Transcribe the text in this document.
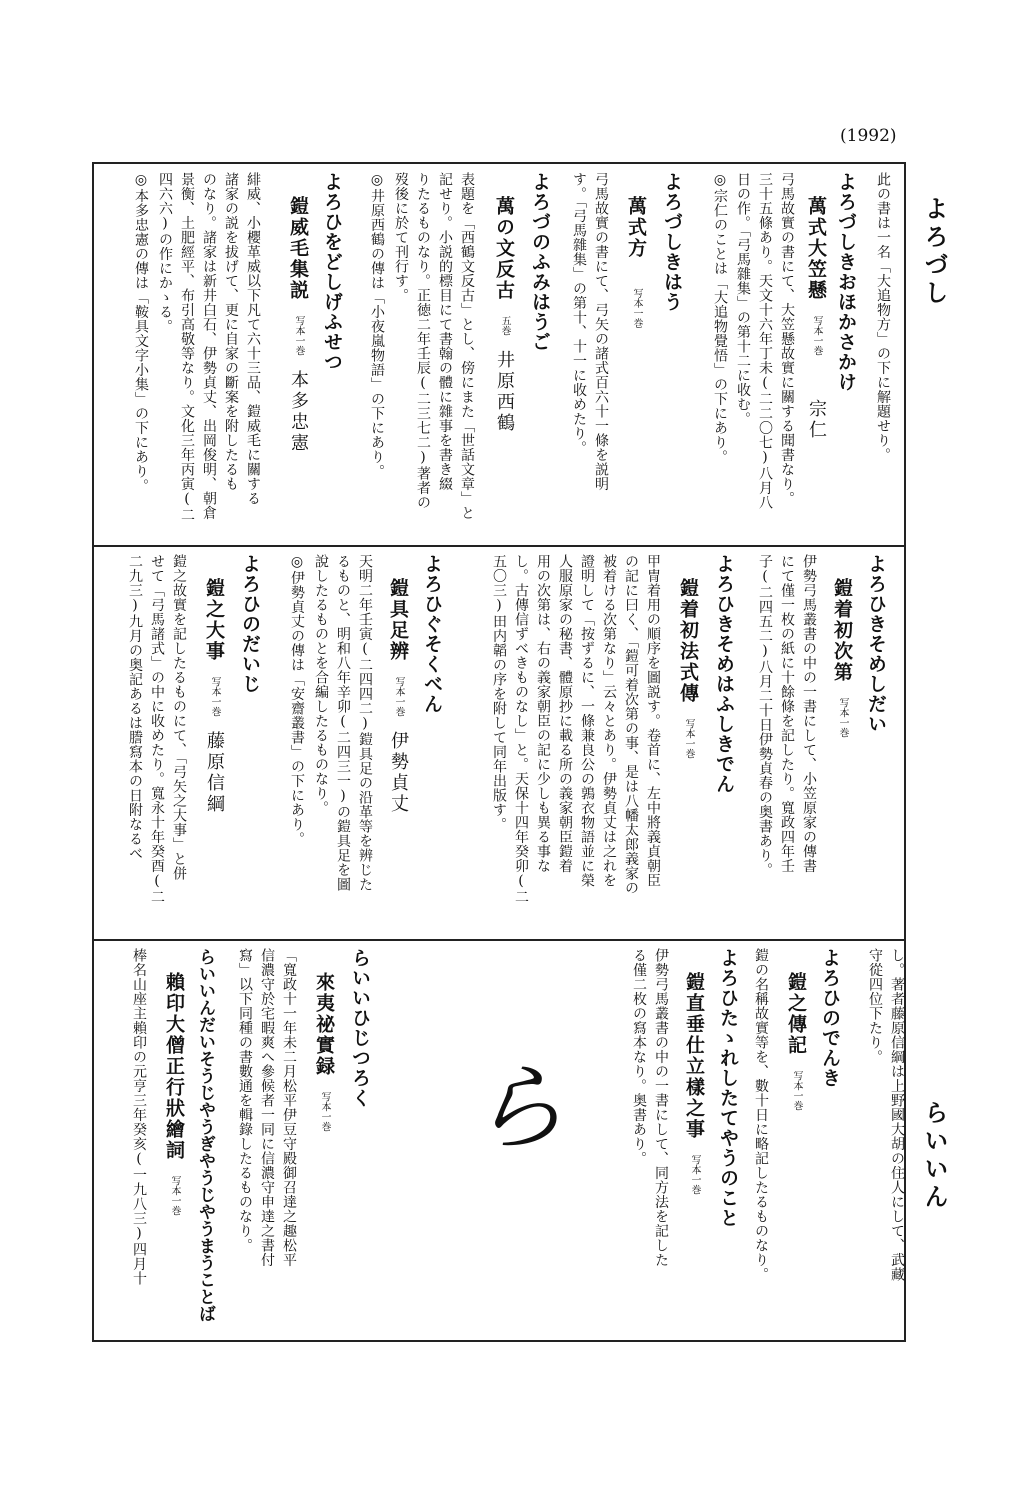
(1992)
よろづし
らいいん
此の書は一名「大追物方」の下に解題せり。
よろづしきおほかさかけ
萬式大笠懸　写本一巻　　　宗仁
弓馬故實の書にて、大笠懸故實に關する聞書なり。
三十五條あり。天文十六年丁未(二二〇七)八月八
日の作。「弓馬雜集」の第十二に收む。
◎宗仁のことは「大追物覺悟」の下にあり。
よろづしきはう
萬式方　　写本一巻
弓馬故實の書にて、弓矢の諸式百六十一條を説明
す。「弓馬雜集」の第十、十一に收めたり。
よろづのふみはうご
萬の文反古　五巻　井原西鶴
表題を「西鶴文反古」とし、傍にまた「世話文章」と
記せり。小説的標目にて書翰の體に雜事を書き綴
りたるものなり。正徳二年壬辰(二三七二)著者の
歿後に於て刊行す。
◎井原西鶴の傳は「小夜嵐物語」の下にあり。
よろひをどしげふせつ
鎧威毛集説　写本一巻　本多忠憲
緋威、小櫻革威以下凡て六十三品、鎧威毛に關する
諸家の説を拔げて、更に自家の斷案を附したるも
のなり。諸家は新井白石、伊勢貞丈、出岡俊明、朝倉
景衡、土肥經平、布引高敬等なり。文化三年丙寅(二
四六六)の作にかゝる。
◎本多忠憲の傳は「鞍具文字小集」の下にあり。
よろひきそめしだい
鎧着初次第　写本一巻
伊勢弓馬叢書の中の一書にして、小笠原家の傳書
にて僅一枚の紙に十餘條を記したり。寬政四年壬
子(二四五二)八月二十日伊勢貞春の奥書あり。
よろひきそめはふしきでん
鎧着初法式傳　写本一巻
甲冑着用の順序を圖説す。卷首に、左中將義貞朝臣
の記に曰く、「鎧可着次第の事、是は八幡太郎義家の
被着ける次第なり」云々とあり。伊勢貞丈は之れを
證明して「按ずるに、一條兼良公の鶉衣物語並に榮
人服原家の秘書、體原抄に載る所の義家朝臣鎧着
用の次第は、右の義家朝臣の記に少しも異る事な
し。古傳信ずべきものなし」と。天保十四年癸卯(二
五〇三)田内韜の序を附して同年出版す。
よろひぐそくべん
鎧具足辨　写本一巻　伊勢貞丈
天明二年壬寅(二四四二)鎧具足の沿革等を辨じた
るものと、明和八年辛卯(二四三一)の鎧具足を圖
說したるものとを合編したるものなり。
◎伊勢貞丈の傳は「安齋叢書」の下にあり。
よろひのだいじ
鎧之大事　写本一巻　藤原信綱
鎧之故實を記したるものにて、「弓矢之大事」と併
せて「弓馬諸式」の中に收めたり。寬永十年癸酉(二
二九三)九月の奥記あるは謄寫本の日附なるべ
し。著者藤原信綱は上野國大胡の住人にして、武藏
守從四位下たり。
よろひのでんき
鎧之傳記　写本一巻
鎧の名稱故實等を、數十日に略記したるものなり。
よろひたゝれしたてやうのこと
鎧直垂仕立樣之事　写本一巻
伊勢弓馬叢書の中の一書にして、同方法を記した
る僅二枚の寫本なり。奥書あり。
らいいひじつろく
來夷祕實録　写本一巻
「寬政十一年未二月松平伊豆守殿御召達之趣松平
信濃守於宅暇爽へ參候者一同に信濃守申達之書付
寫」以下同種の書數通を輯錄したるものなり。
らいいんだいそうじやうぎやうじやうまうことば
賴印大僧正行狀繪詞　写本一巻
棒名山座主賴印の元亨三年癸亥(一九八三)四月十	ら
